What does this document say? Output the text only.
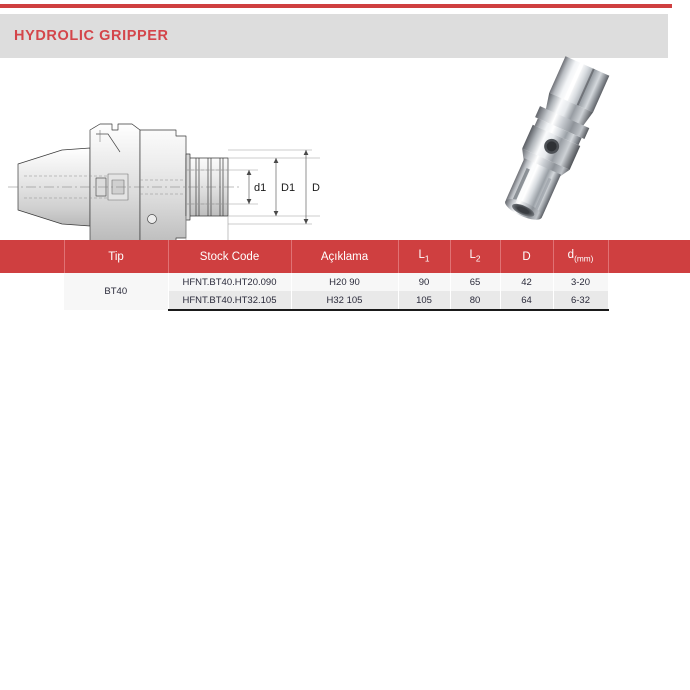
HYDROLIC GRIPPER
d1 D1 D
	Tip	Stock Code	Açıklama	$L_1$	$L_2$	D	$d_{(mm)}$	
	BT40	HFNT.BT40.HT20.090	H20 90	90	65	42	3-20	
		HFNT.BT40.HT32.105	H32 105	105	80	64	6-32	
